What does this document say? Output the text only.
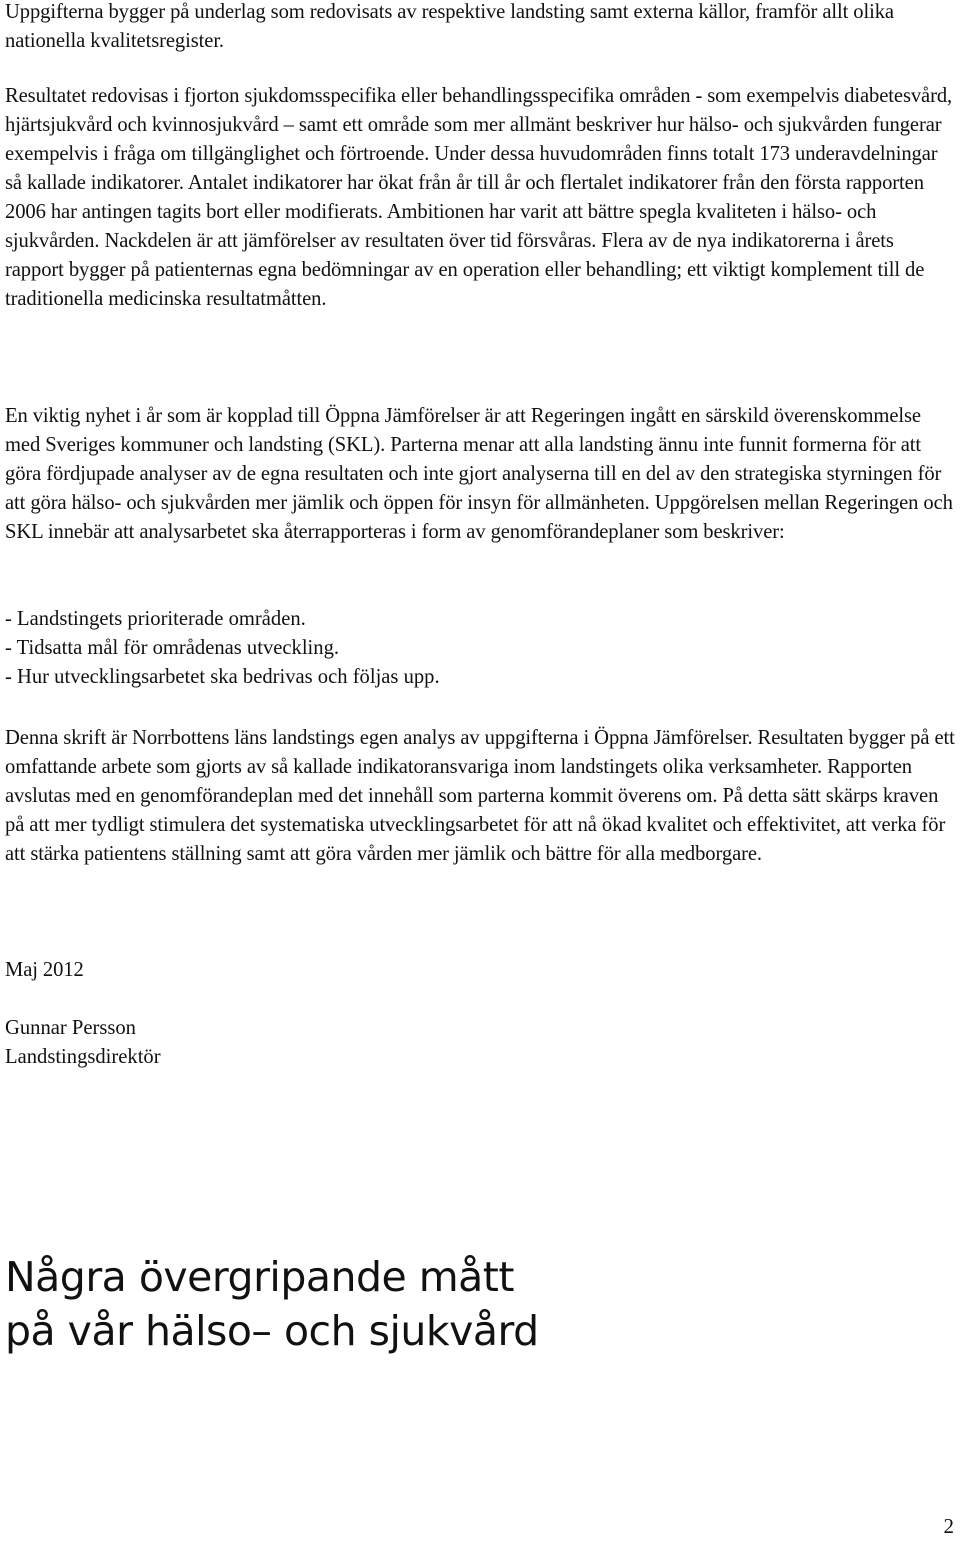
Uppgifterna bygger på underlag som redovisats av respektive landsting samt externa källor, framför allt olika nationella kvalitetsregister.

Resultatet redovisas i fjorton sjukdomsspecifika eller behandlingsspecifika områden - som exempelvis diabetesvård, hjärtsjukvård och kvinnosjukvård – samt ett område som mer allmänt beskriver hur hälso- och sjukvården fungerar exempelvis i fråga om tillgänglighet och förtroende. Under dessa huvudområden finns totalt 173 underavdelningar så kallade indikatorer. Antalet indikatorer har ökat från år till år och flertalet indikatorer från den första rapporten 2006 har antingen tagits bort eller modifierats. Ambitionen har varit att bättre spegla kvaliteten i hälso- och sjukvården. Nackdelen är att jämförelser av resultaten över tid försvåras. Flera av de nya indikatorerna i årets rapport bygger på patienternas egna bedömningar av en operation eller behandling; ett viktigt komplement till de traditionella medicinska resultatmåtten.

En viktig nyhet i år som är kopplad till Öppna Jämförelser är att Regeringen ingått en särskild överenskommelse med Sveriges kommuner och landsting (SKL). Parterna menar att alla landsting ännu inte funnit formerna för att göra fördjupade analyser av de egna resultaten och inte gjort analyserna till en del av den strategiska styrningen för att göra hälso- och sjukvården mer jämlik och öppen för insyn för allmänheten. Uppgörelsen mellan Regeringen och SKL innebär att analysarbetet ska återrapporteras i form av genomförandeplaner som beskriver:

- Landstingets prioriterade områden.
- Tidsatta mål för områdenas utveckling.
- Hur utvecklingsarbetet ska bedrivas och följas upp.

Denna skrift är Norrbottens läns landstings egen analys av uppgifterna i Öppna Jämförelser. Resultaten bygger på ett omfattande arbete som gjorts av så kallade indikatoransvariga inom landstingets olika verksamheter. Rapporten avslutas med en genomförandeplan med det innehåll som parterna kommit överens om. På detta sätt skärps kraven på att mer tydligt stimulera det systematiska utvecklingsarbetet för att nå ökad kvalitet och effektivitet, att verka för att stärka patientens ställning samt att göra vården mer jämlik och bättre för alla medborgare.

Maj 2012

Gunnar Persson
Landstingsdirektör
Några övergripande mått
på vår hälso– och sjukvård
2
